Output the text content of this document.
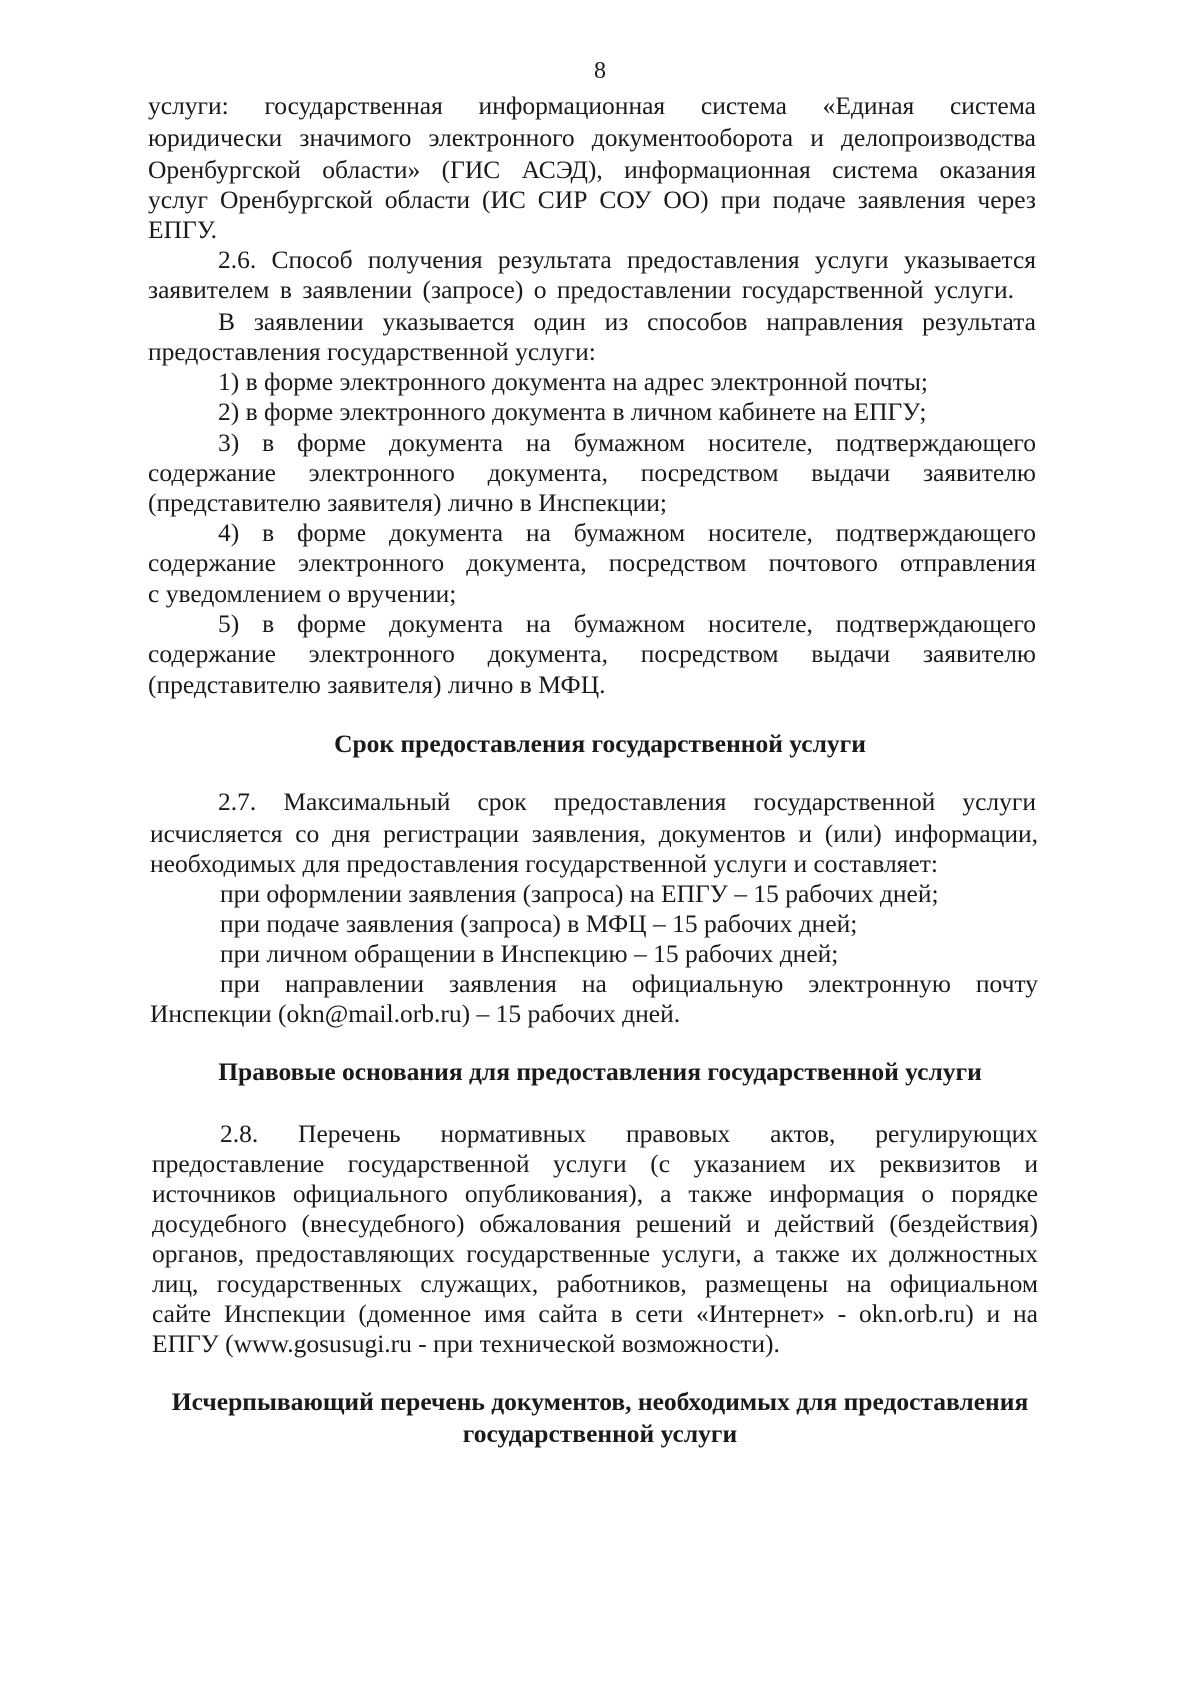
8
услуги: государственная информационная система «Единая система
юридически значимого электронного документооборота и делопроизводства
Оренбургской области» (ГИС АСЭД), информационная система оказания
услуг Оренбургской области (ИС СИР СОУ ОО) при подаче заявления через
ЕПГУ.
2.6. Способ получения результата предоставления услуги указывается
заявителем в заявлении (запросе) о предоставлении государственной услуги.
В заявлении указывается один из способов направления результата
предоставления государственной услуги:
1) в форме электронного документа на адрес электронной почты;
2) в форме электронного документа в личном кабинете на ЕПГУ;
3) в форме документа на бумажном носителе, подтверждающего
содержание электронного документа, посредством выдачи заявителю
(представителю заявителя) лично в Инспекции;
4) в форме документа на бумажном носителе, подтверждающего
содержание электронного документа, посредством почтового отправления
с уведомлением о вручении;
5) в форме документа на бумажном носителе, подтверждающего
содержание электронного документа, посредством выдачи заявителю
(представителю заявителя) лично в МФЦ.
Срок предоставления государственной услуги
2.7. Максимальный срок предоставления государственной услуги
исчисляется со дня регистрации заявления, документов и (или) информации,
необходимых для предоставления государственной услуги и составляет:
при оформлении заявления (запроса) на ЕПГУ – 15 рабочих дней;
при подаче заявления (запроса) в МФЦ – 15 рабочих дней;
при личном обращении в Инспекцию – 15 рабочих дней;
при направлении заявления на официальную электронную почту
Инспекции (okn@mail.orb.ru) – 15 рабочих дней.
Правовые основания для предоставления государственной услуги
2.8. Перечень нормативных правовых актов, регулирующих
предоставление государственной услуги (с указанием их реквизитов и
источников официального опубликования), а также информация о порядке
досудебного (внесудебного) обжалования решений и действий (бездействия)
органов, предоставляющих государственные услуги, а также их должностных
лиц, государственных служащих, работников, размещены на официальном
сайте Инспекции (доменное имя сайта в сети «Интернет» - okn.orb.ru) и на
ЕПГУ (www.gosusugi.ru - при технической возможности).
Исчерпывающий перечень документов, необходимых для предоставления
государственной услуги
